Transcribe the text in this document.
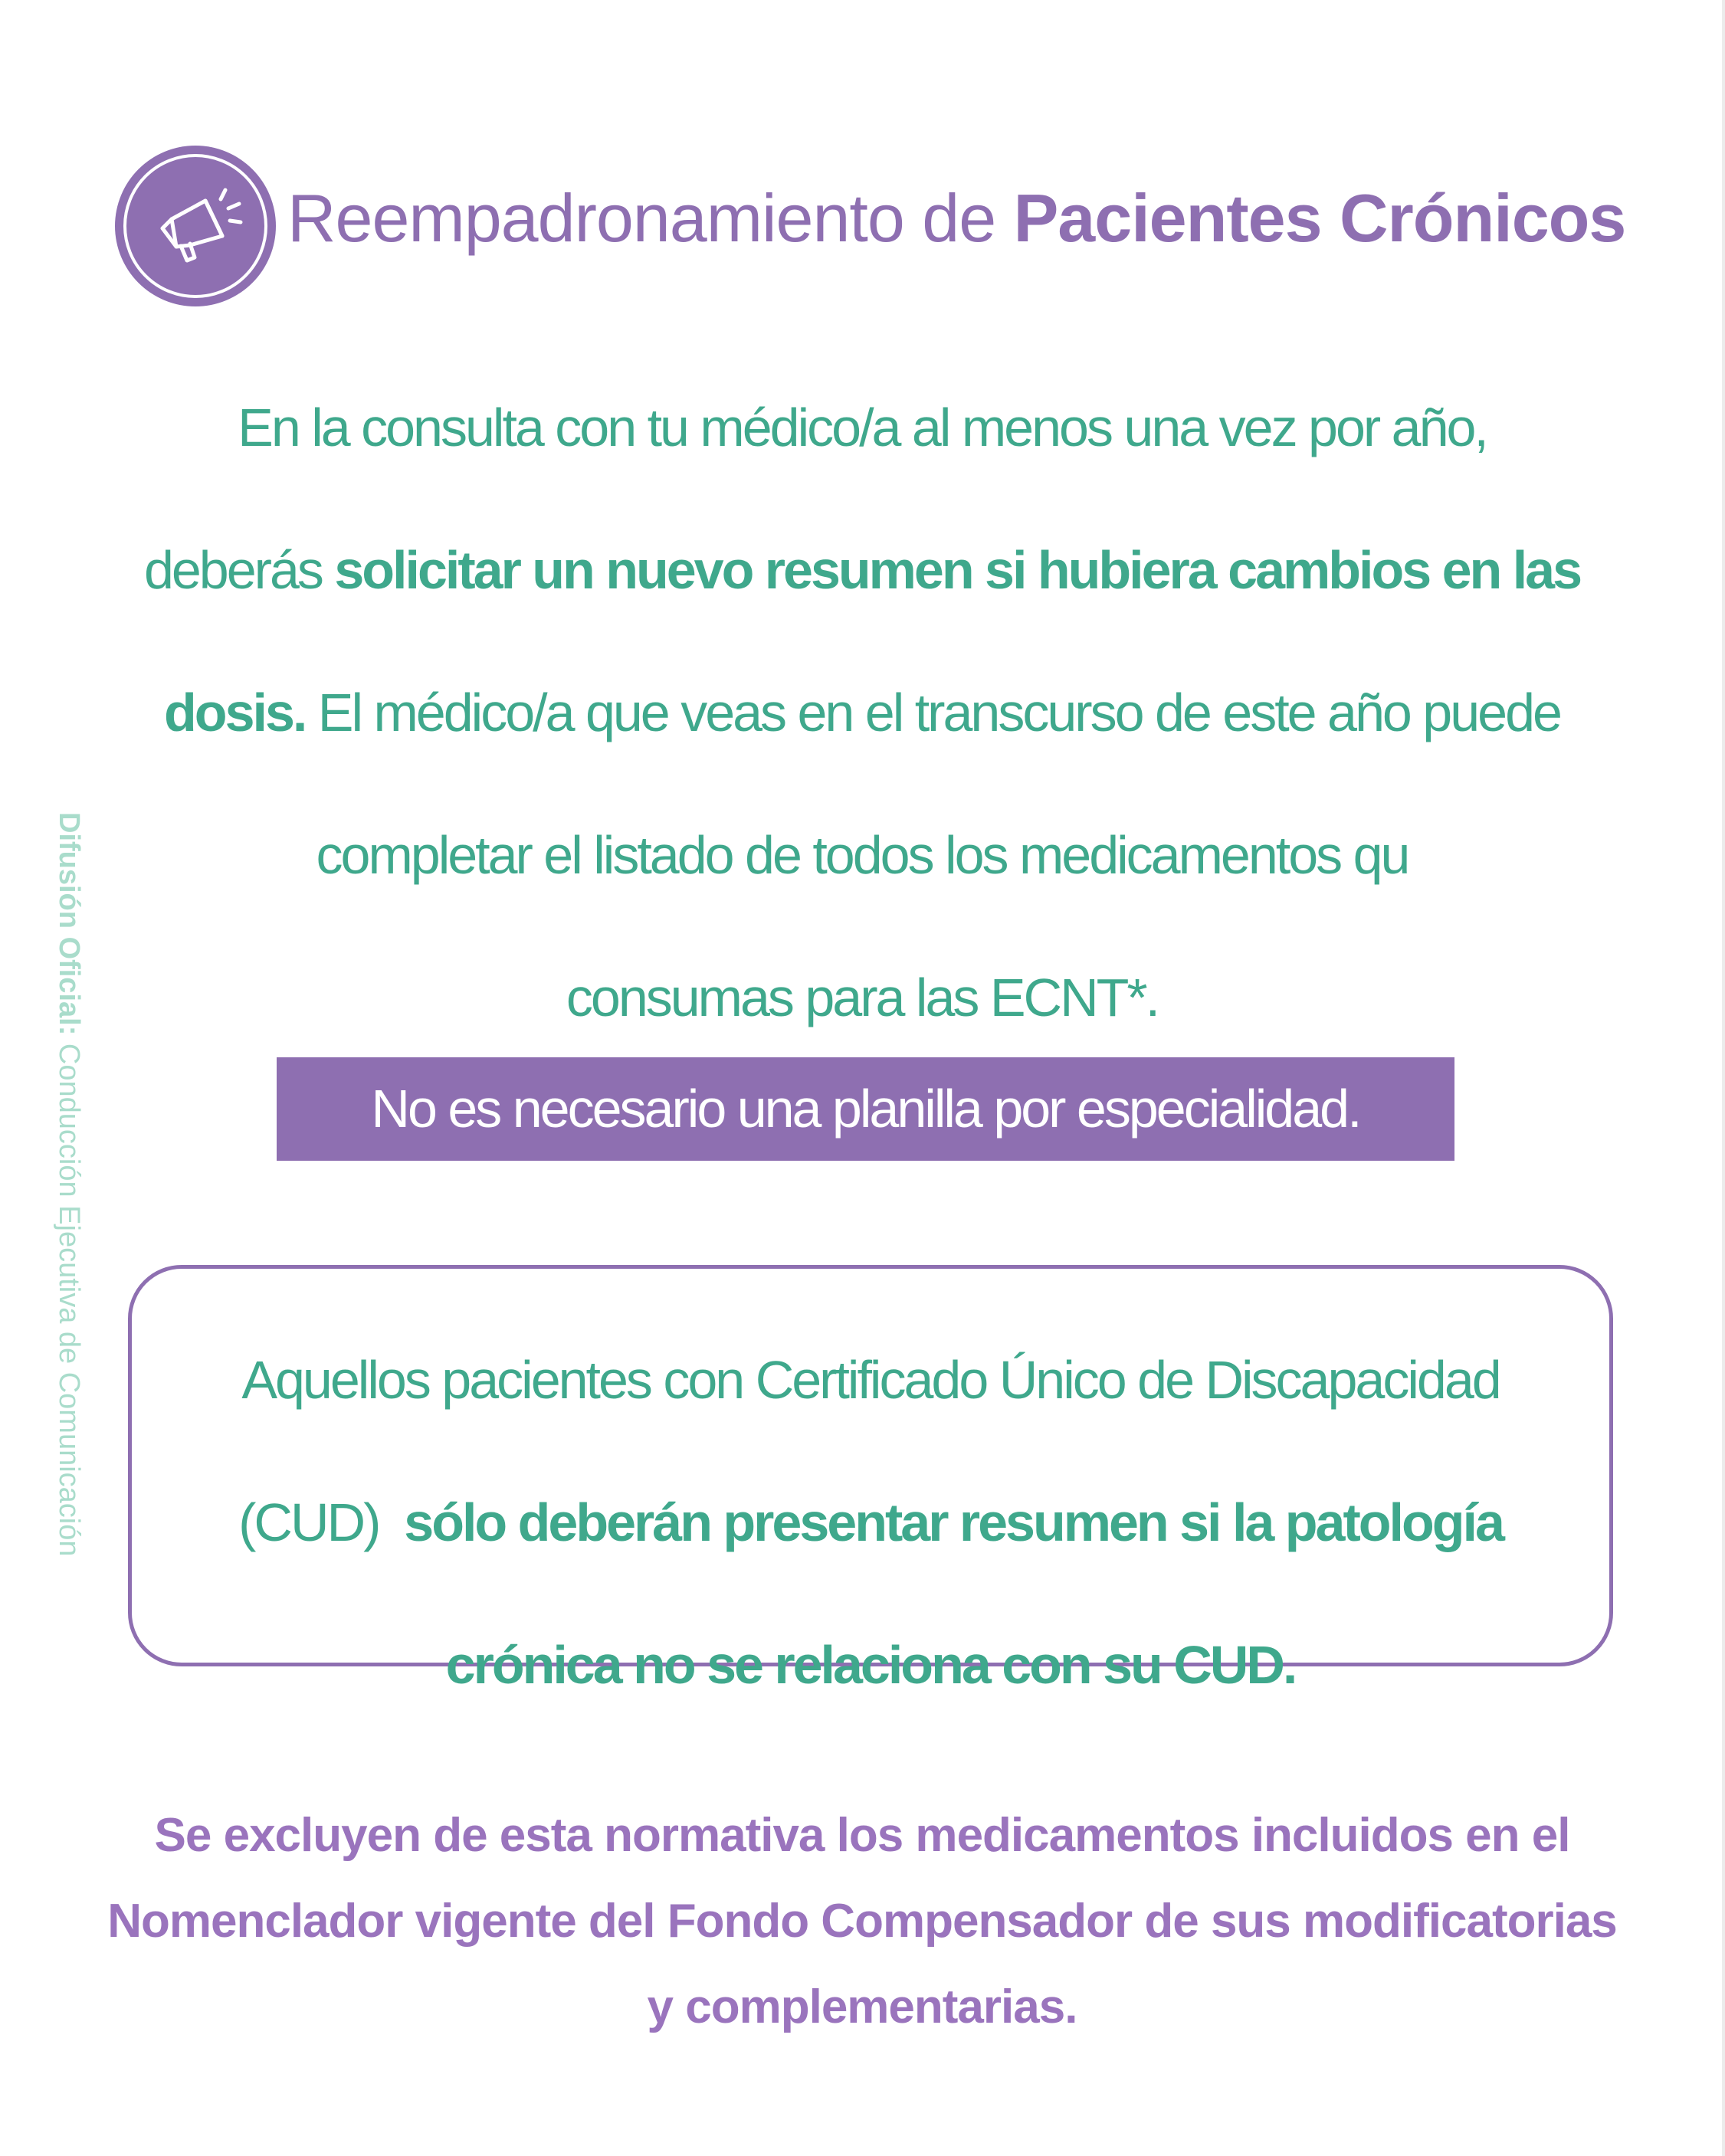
Difusión Oficial: Conducción Ejecutiva de Comunicación
Reempadronamiento de Pacientes Crónicos
En la consulta con tu médico/a al menos una vez por año,
deberás solicitar un nuevo resumen si hubiera cambios en las
dosis. El médico/a que veas en el transcurso de este año puede
completar el listado de todos los medicamentos qu
consumas para las ECNT*.
No es necesario una planilla por especialidad.
Aquellos pacientes con Certificado Único de Discapacidad
(CUD)  sólo deberán presentar resumen si la patología
crónica no se relaciona con su CUD.
Se excluyen de esta normativa los medicamentos incluidos en el
Nomenclador vigente del Fondo Compensador de sus modificatorias
y complementarias.
